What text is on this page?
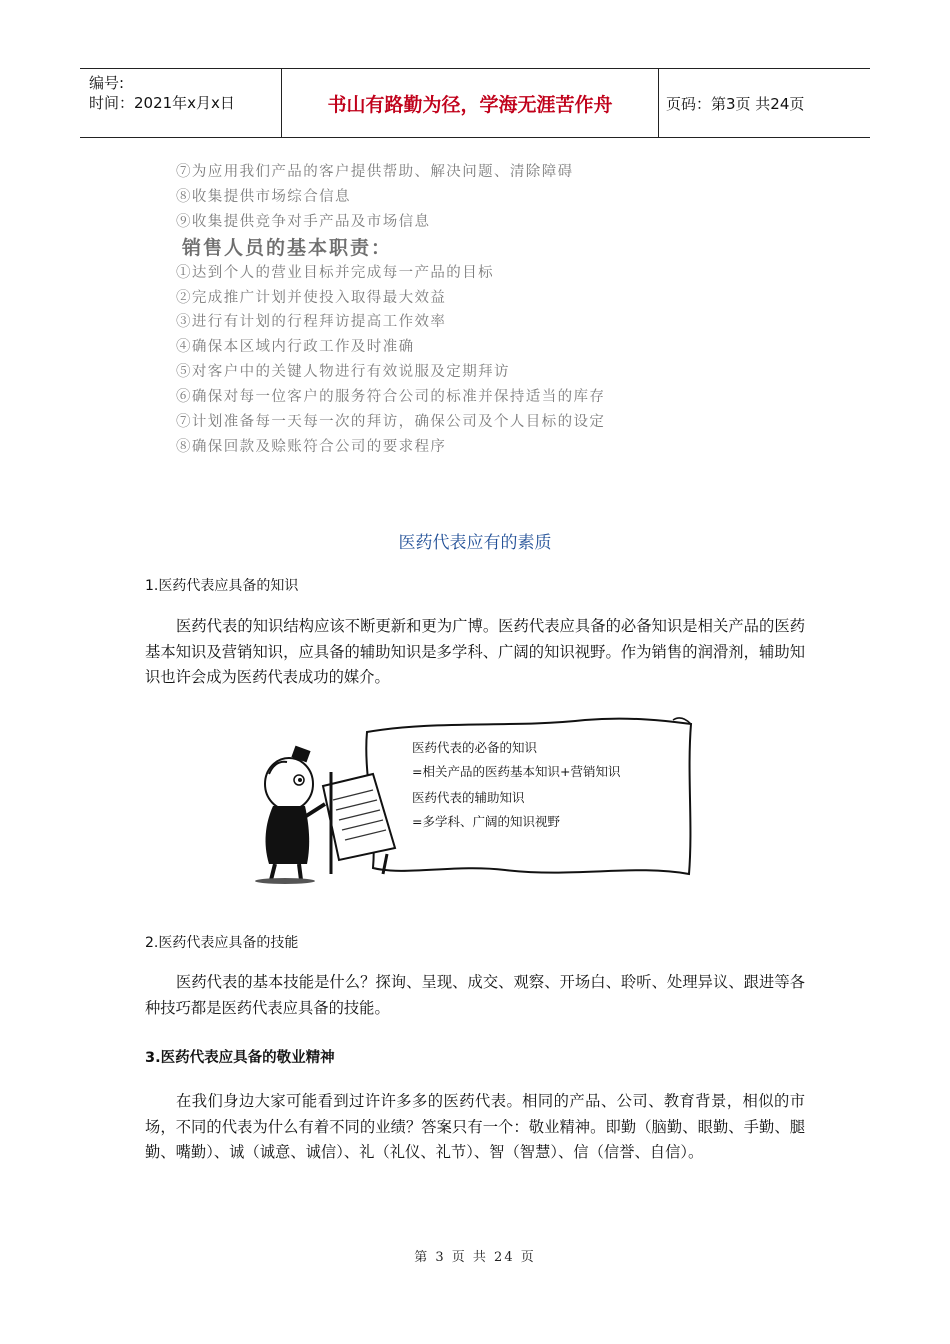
编号:
时间：2021年x月x日	书山有路勤为径，学海无涯苦作舟	页码：第3页 共24页
⑦为应用我们产品的客户提供帮助、解决问题、清除障碍
⑧收集提供市场综合信息
⑨收集提供竞争对手产品及市场信息
销售人员的基本职责：
①达到个人的营业目标并完成每一产品的目标
②完成推广计划并使投入取得最大效益
③进行有计划的行程拜访提高工作效率
④确保本区域内行政工作及时准确
⑤对客户中的关键人物进行有效说服及定期拜访
⑥确保对每一位客户的服务符合公司的标准并保持适当的库存
⑦计划准备每一天每一次的拜访，确保公司及个人目标的设定
⑧确保回款及赊账符合公司的要求程序
医药代表应有的素质
1.医药代表应具备的知识
医药代表的知识结构应该不断更新和更为广博。医药代表应具备的必备知识是相关产品的医药基本知识及营销知识，应具备的辅助知识是多学科、广阔的知识视野。作为销售的润滑剂，辅助知识也许会成为医药代表成功的媒介。
医药代表的必备的知识
=相关产品的医药基本知识+营销知识
医药代表的辅助知识
=多学科、广阔的知识视野
2.医药代表应具备的技能
医药代表的基本技能是什么？探询、呈现、成交、观察、开场白、聆听、处理异议、跟进等各种技巧都是医药代表应具备的技能。
3.医药代表应具备的敬业精神
在我们身边大家可能看到过许许多多的医药代表。相同的产品、公司、教育背景，相似的市场，不同的代表为什么有着不同的业绩？答案只有一个：敬业精神。即勤（脑勤、眼勤、手勤、腿勤、嘴勤）、诚（诚意、诚信）、礼（礼仪、礼节）、智（智慧）、信（信誉、自信）。
第 3 页 共 24 页
